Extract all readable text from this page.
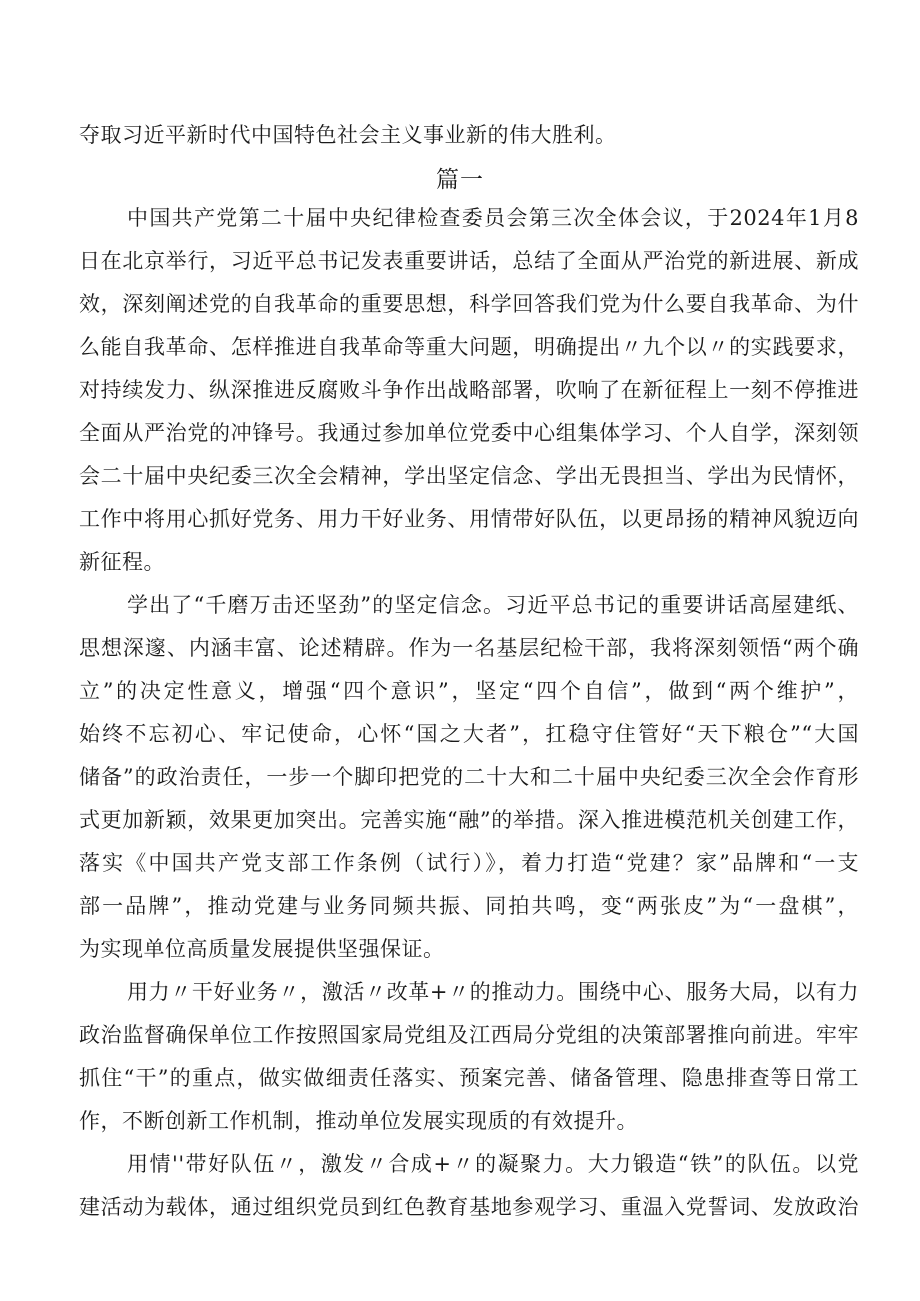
夺取习近平新时代中国特色社会主义事业新的伟大胜利。
篇一
中国共产党第二十届中央纪律检查委员会第三次全体会议，于2024年1月8
日在北京举行，习近平总书记发表重要讲话，总结了全面从严治党的新进展、新成
效，深刻阐述党的自我革命的重要思想，科学回答我们党为什么要自我革命、为什
么能自我革命、怎样推进自我革命等重大问题，明确提出〃九个以〃的实践要求，
对持续发力、纵深推进反腐败斗争作出战略部署，吹响了在新征程上一刻不停推进
全面从严治党的冲锋号。我通过参加单位党委中心组集体学习、个人自学，深刻领
会二十届中央纪委三次全会精神，学出坚定信念、学出无畏担当、学出为民情怀，
工作中将用心抓好党务、用力干好业务、用情带好队伍，以更昂扬的精神风貌迈向
新征程。
学出了“千磨万击还坚劲”的坚定信念。习近平总书记的重要讲话高屋建纸、
思想深邃、内涵丰富、论述精辟。作为一名基层纪检干部，我将深刻领悟“两个确
立”的决定性意义，增强“四个意识”，坚定“四个自信”，做到“两个维护”，
始终不忘初心、牢记使命，心怀“国之大者”，扛稳守住管好“天下粮仓”“大国
储备”的政治责任，一步一个脚印把党的二十大和二十届中央纪委三次全会作育形
式更加新颖，效果更加突出。完善实施“融”的举措。深入推进模范机关创建工作，
落实《中国共产党支部工作条例（试行）》，着力打造“党建？家”品牌和“一支
部一品牌”，推动党建与业务同频共振、同拍共鸣，变“两张皮”为“一盘棋”，
为实现单位高质量发展提供坚强保证。
用力〃干好业务〃，激活〃改革+〃的推动力。围绕中心、服务大局，以有力
政治监督确保单位工作按照国家局党组及江西局分党组的决策部署推向前进。牢牢
抓住“干”的重点，做实做细责任落实、预案完善、储备管理、隐患排查等日常工
作，不断创新工作机制，推动单位发展实现质的有效提升。
用情''带好队伍〃，激发〃合成+〃的凝聚力。大力锻造“铁”的队伍。以党
建活动为载体，通过组织党员到红色教育基地参观学习、重温入党誓词、发放政治
